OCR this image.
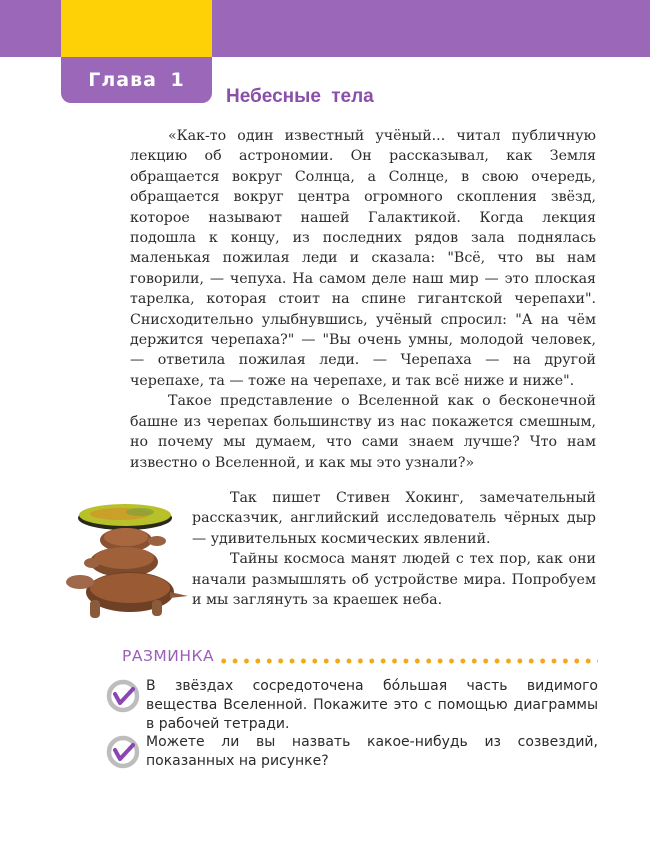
Глава 1
Небесные тела

«Как-то один известный учёный... читал публичную лекцию об астрономии. Он рассказывал, как Земля обращается вокруг Солнца, а Солнце, в свою очередь, обращается вокруг центра огромного скопления звёзд, которое называют нашей Галактикой. Когда лекция подошла к концу, из последних рядов зала поднялась маленькая пожилая леди и сказала: "Всё, что вы нам говорили, — чепуха. На самом деле наш мир — это плоская тарелка, которая стоит на спине гигантской черепахи". Снисходительно улыбнувшись, учёный спросил: "А на чём держится черепаха?" — "Вы очень умны, молодой человек, — ответила пожилая леди. — Черепаха — на другой черепахе, та — тоже на черепахе, и так всё ниже и ниже".

Такое представление о Вселенной как о бесконечной башне из черепах большинству из нас покажется смешным, но почему мы думаем, что сами знаем лучше? Что нам известно о Вселенной, и как мы это узнали?»

Так пишет Стивен Хокинг, замечательный рассказчик, английский исследователь чёрных дыр — удивительных космических явлений.

Тайны космоса манят людей с тех пор, как они начали размышлять об устройстве мира. Попробуем и мы заглянуть за краешек неба.

РАЗМИНКА
В звёздах сосредоточена бóльшая часть видимого вещества Вселенной. Покажите это с помощью диаграммы в рабочей тетради.
Можете ли вы назвать какое-нибудь из созвездий, показанных на рисунке?
